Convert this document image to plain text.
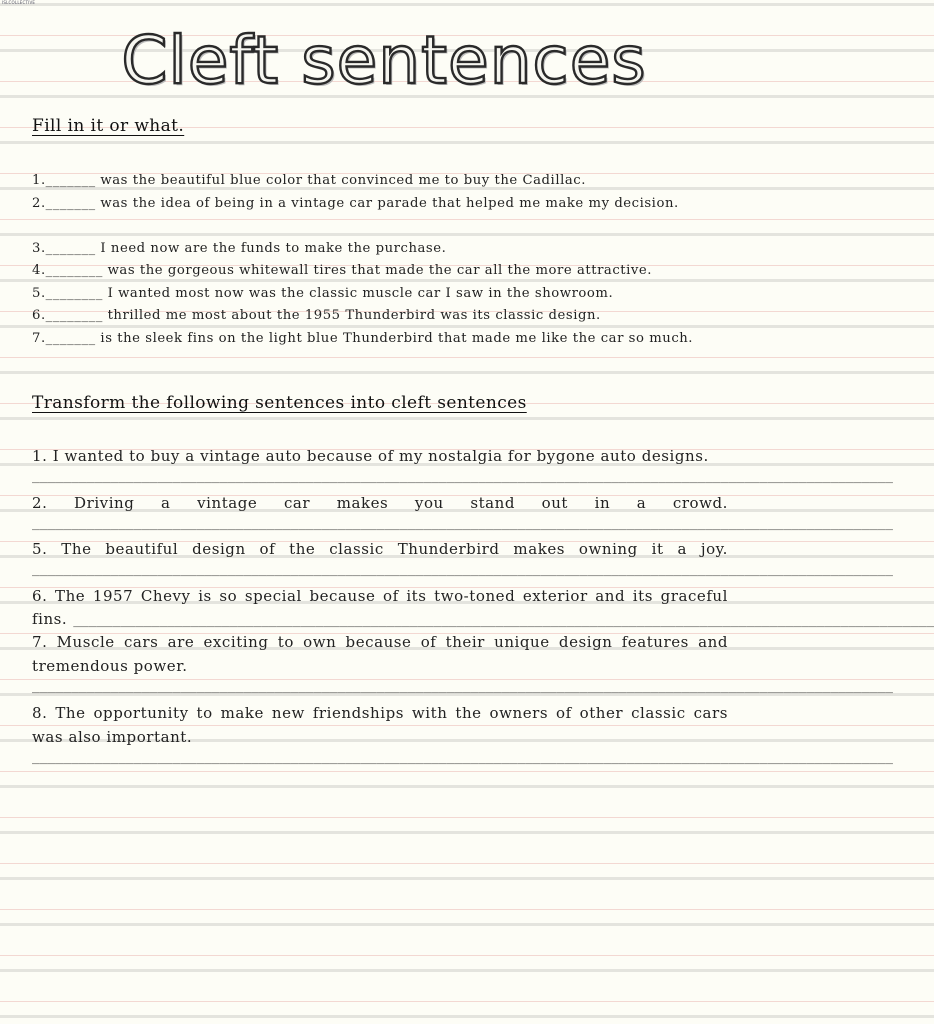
ISLCOLLECTIVE
Cleft sentences
Fill in it or what.
1._______ was the beautiful blue color that convinced me to buy the Cadillac.
2._______ was the idea of being in a vintage car parade that helped me make my decision.
3._______ I need now are the funds to make the purchase.
4.________ was the gorgeous whitewall tires that made the car all the more attractive.
5.________ I wanted most now was the classic muscle car I saw in the showroom.
6.________ thrilled me most about the 1955 Thunderbird was its classic design.
7._______ is the sleek fins on the light blue Thunderbird that made me like the car so much.
Transform the following sentences into cleft sentences
1. I wanted to buy a vintage auto because of my nostalgia for bygone auto designs.
______________________________________________________________________________________________________________
2. Driving a vintage car makes you stand out in a crowd.
______________________________________________________________________________________________________________
5. The beautiful design of the classic Thunderbird makes owning it a joy.
______________________________________________________________________________________________________________
6. The 1957 Chevy is so special because of its two-toned exterior and its graceful
fins. ______________________________________________________________________________________________________________
7. Muscle cars are exciting to own because of their unique design features and tremendous power.
______________________________________________________________________________________________________________
8. The opportunity to make new friendships with the owners of other classic cars was also important.
______________________________________________________________________________________________________________
